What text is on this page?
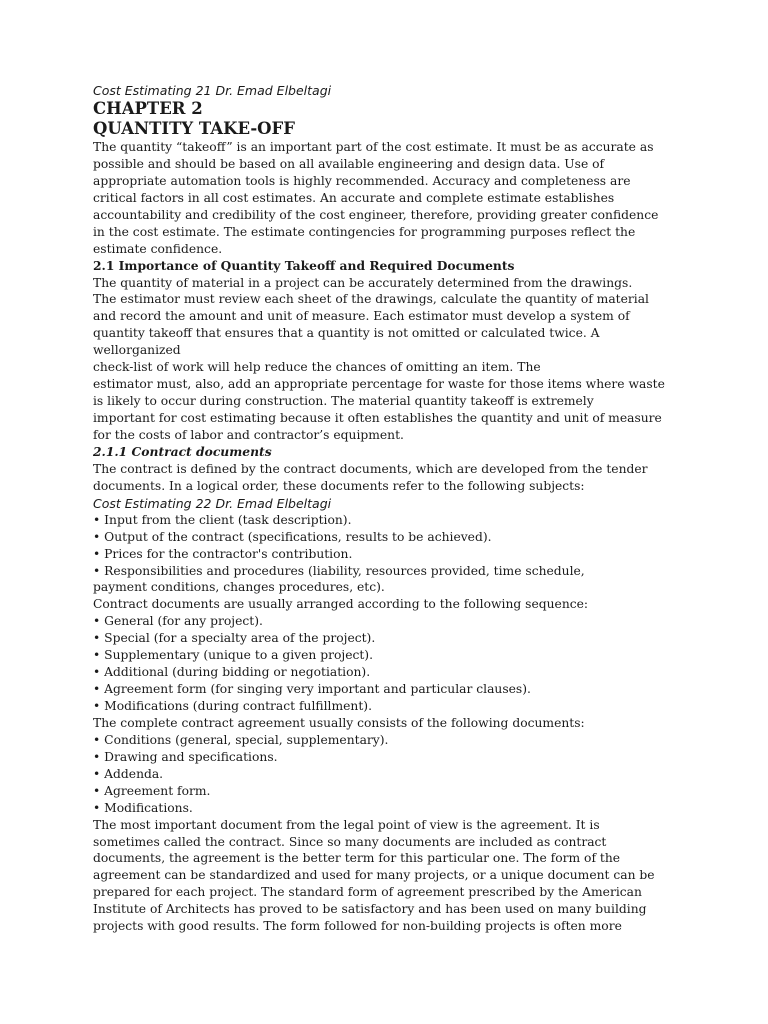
Cost Estimating 21 Dr. Emad Elbeltagi

CHAPTER 2

QUANTITY TAKE-OFF

The quantity “takeoff” is an important part of the cost estimate. It must be as accurate as

possible and should be based on all available engineering and design data. Use of

appropriate automation tools is highly recommended. Accuracy and completeness are

critical factors in all cost estimates. An accurate and complete estimate establishes

accountability and credibility of the cost engineer, therefore, providing greater confidence

in the cost estimate. The estimate contingencies for programming purposes reflect the

estimate confidence.

2.1 Importance of Quantity Takeoff and Required Documents

The quantity of material in a project can be accurately determined from the drawings.

The estimator must review each sheet of the drawings, calculate the quantity of material

and record the amount and unit of measure. Each estimator must develop a system of

quantity takeoff that ensures that a quantity is not omitted or calculated twice. A

wellorganized

check-list of work will help reduce the chances of omitting an item. The

estimator must, also, add an appropriate percentage for waste for those items where waste

is likely to occur during construction. The material quantity takeoff is extremely

important for cost estimating because it often establishes the quantity and unit of measure

for the costs of labor and contractor’s equipment.

2.1.1 Contract documents

The contract is defined by the contract documents, which are developed from the tender

documents. In a logical order, these documents refer to the following subjects:

Cost Estimating 22 Dr. Emad Elbeltagi

• Input from the client (task description).

• Output of the contract (specifications, results to be achieved).

• Prices for the contractor's contribution.

• Responsibilities and procedures (liability, resources provided, time schedule,

payment conditions, changes procedures, etc).

Contract documents are usually arranged according to the following sequence:

• General (for any project).

• Special (for a specialty area of the project).

• Supplementary (unique to a given project).

• Additional (during bidding or negotiation).

• Agreement form (for singing very important and particular clauses).

• Modifications (during contract fulfillment).

The complete contract agreement usually consists of the following documents:

• Conditions (general, special, supplementary).

• Drawing and specifications.

• Addenda.

• Agreement form.

• Modifications.

The most important document from the legal point of view is the agreement. It is

sometimes called the contract. Since so many documents are included as contract

documents, the agreement is the better term for this particular one. The form of the

agreement can be standardized and used for many projects, or a unique document can be

prepared for each project. The standard form of agreement prescribed by the American

Institute of Architects has proved to be satisfactory and has been used on many building

projects with good results. The form followed for non-building projects is often more
